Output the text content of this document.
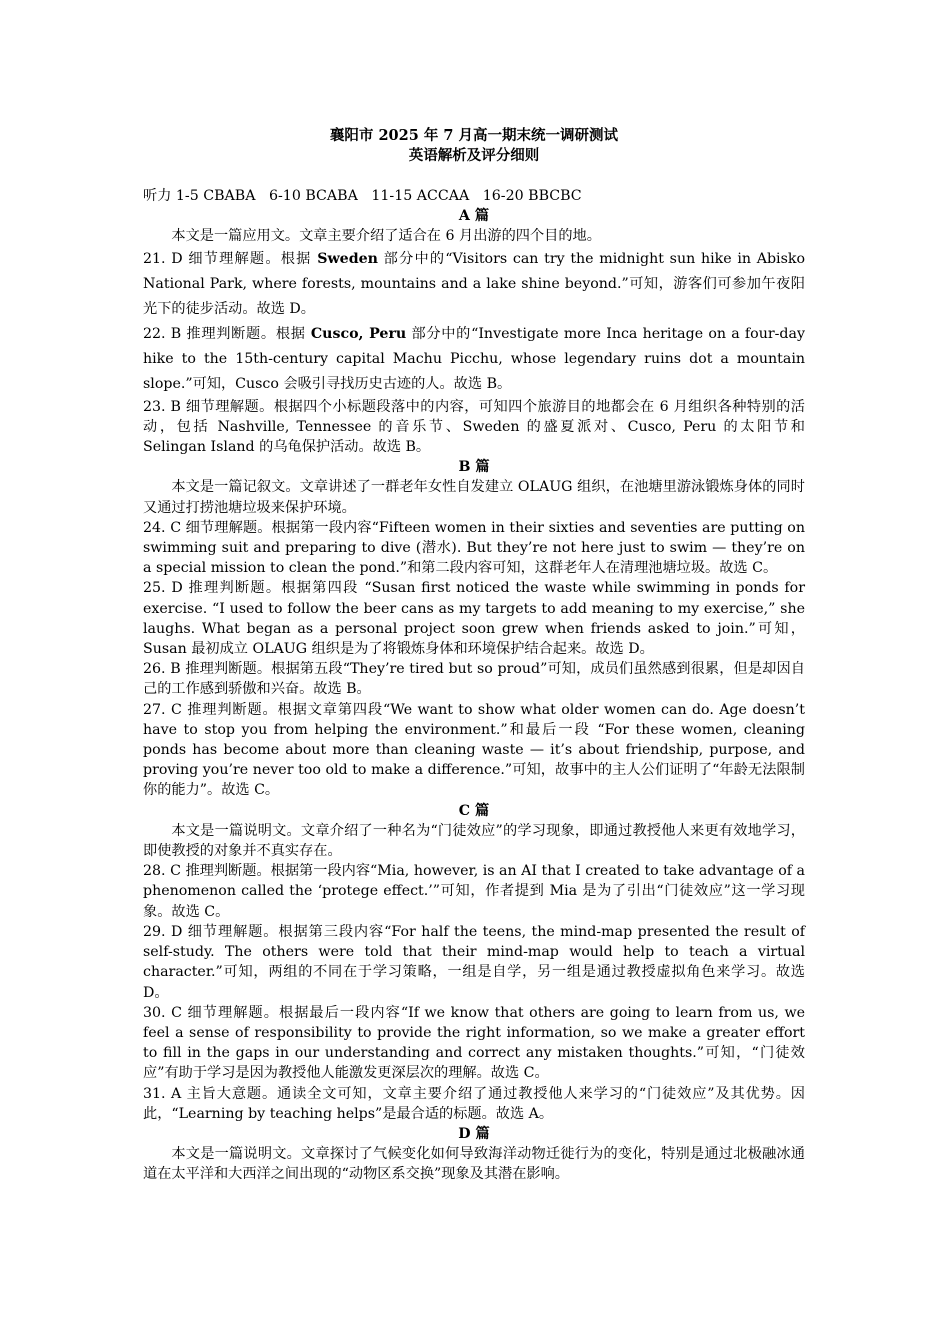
襄阳市 2025 年 7 月高一期末统一调研测试
英语解析及评分细则
听力 1-5 CBABA   6-10 BCABA   11-15 ACCAA   16-20 BBCBC
A 篇

本文是一篇应用文。文章主要介绍了适合在 6 月出游的四个目的地。

21. D 细节理解题。根据 Sweden 部分中的“Visitors can try the midnight sun hike in Abisko National Park, where forests, mountains and a lake shine beyond.”可知，游客们可参加午夜阳光下的徒步活动。故选 D。

22. B 推理判断题。根据 Cusco, Peru 部分中的“Investigate more Inca heritage on a four-day hike to the 15th-century capital Machu Picchu, whose legendary ruins dot a mountain slope.”可知，Cusco 会吸引寻找历史古迹的人。故选 B。

23. B 细节理解题。根据四个小标题段落中的内容，可知四个旅游目的地都会在 6 月组织各种特别的活动，包括 Nashville, Tennessee 的音乐节、Sweden 的盛夏派对、Cusco, Peru 的太阳节和 Selingan Island 的乌龟保护活动。故选 B。

B 篇

本文是一篇记叙文。文章讲述了一群老年女性自发建立 OLAUG 组织，在池塘里游泳锻炼身体的同时又通过打捞池塘垃圾来保护环境。

24. C 细节理解题。根据第一段内容“Fifteen women in their sixties and seventies are putting on swimming suit and preparing to dive (潜水). But they’re not here just to swim — they’re on a special mission to clean the pond.”和第二段内容可知，这群老年人在清理池塘垃圾。故选 C。

25. D 推理判断题。根据第四段 “Susan first noticed the waste while swimming in ponds for exercise. “I used to follow the beer cans as my targets to add meaning to my exercise,” she laughs. What began as a personal project soon grew when friends asked to join.”可知，Susan 最初成立 OLAUG 组织是为了将锻炼身体和环境保护结合起来。故选 D。

26. B 推理判断题。根据第五段“They’re tired but so proud”可知，成员们虽然感到很累，但是却因自己的工作感到骄傲和兴奋。故选 B。

27. C 推理判断题。根据文章第四段“We want to show what older women can do. Age doesn’t have to stop you from helping the environment.”和最后一段 “For these women, cleaning ponds has become about more than cleaning waste — it’s about friendship, purpose, and proving you’re never too old to make a difference.”可知，故事中的主人公们证明了“年龄无法限制你的能力”。故选 C。

C 篇

本文是一篇说明文。文章介绍了一种名为“门徒效应”的学习现象，即通过教授他人来更有效地学习，即使教授的对象并不真实存在。

28. C 推理判断题。根据第一段内容“Mia, however, is an AI that I created to take advantage of a phenomenon called the ‘protege effect.’”可知，作者提到 Mia 是为了引出“门徒效应”这一学习现象。故选 C。

29. D 细节理解题。根据第三段内容“For half the teens, the mind-map presented the result of self-study. The others were told that their mind-map would help to teach a virtual character.”可知，两组的不同在于学习策略，一组是自学，另一组是通过教授虚拟角色来学习。故选 D。

30. C 细节理解题。根据最后一段内容“If we know that others are going to learn from us, we feel a sense of responsibility to provide the right information, so we make a greater effort to fill in the gaps in our understanding and correct any mistaken thoughts.”可知，“门徒效应”有助于学习是因为教授他人能激发更深层次的理解。故选 C。

31. A 主旨大意题。通读全文可知，文章主要介绍了通过教授他人来学习的“门徒效应”及其优势。因此，“Learning by teaching helps”是最合适的标题。故选 A。

D 篇

本文是一篇说明文。文章探讨了气候变化如何导致海洋动物迁徙行为的变化，特别是通过北极融冰通道在太平洋和大西洋之间出现的“动物区系交换”现象及其潜在影响。
